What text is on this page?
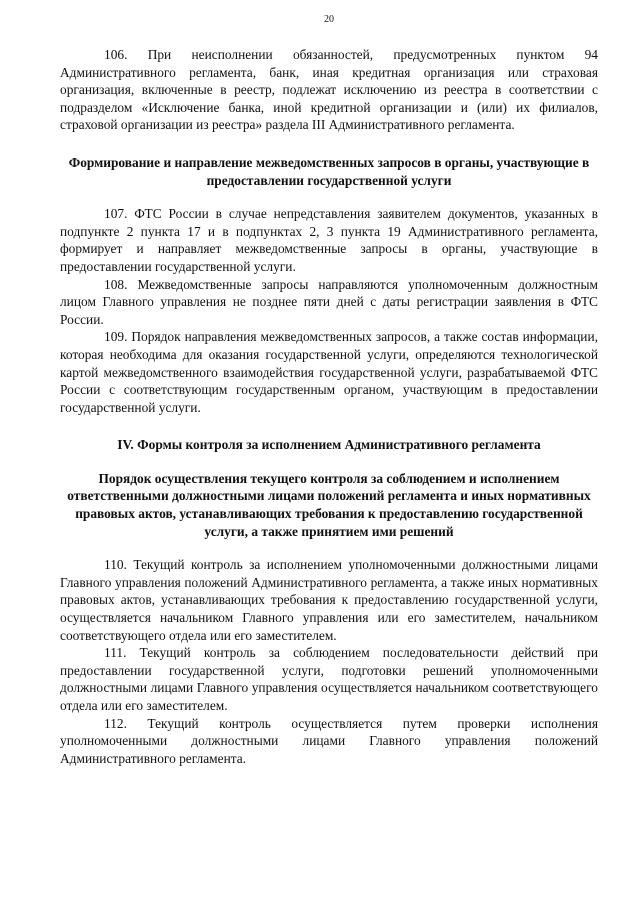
20

106. При неисполнении обязанностей, предусмотренных пунктом 94 Административного регламента, банк, иная кредитная организация или страховая организация, включенные в реестр, подлежат исключению из реестра в соответствии с подразделом «Исключение банка, иной кредитной организации и (или) их филиалов, страховой организации из реестра» раздела III Административного регламента.

Формирование и направление межведомственных запросов в органы, участвующие в предоставлении государственной услуги

107. ФТС России в случае непредставления заявителем документов, указанных в подпункте 2 пункта 17 и в подпунктах 2, 3 пункта 19 Административного регламента, формирует и направляет межведомственные запросы в органы, участвующие в предоставлении государственной услуги.

108. Межведомственные запросы направляются уполномоченным должностным лицом Главного управления не позднее пяти дней с даты регистрации заявления в ФТС России.

109. Порядок направления межведомственных запросов, а также состав информации, которая необходима для оказания государственной услуги, определяются технологической картой межведомственного взаимодействия государственной услуги, разрабатываемой ФТС России с соответствующим государственным органом, участвующим в предоставлении государственной услуги.

IV. Формы контроля за исполнением Административного регламента

Порядок осуществления текущего контроля за соблюдением и исполнением ответственными должностными лицами положений регламента и иных нормативных правовых актов, устанавливающих требования к предоставлению государственной услуги, а также принятием ими решений

110. Текущий контроль за исполнением уполномоченными должностными лицами Главного управления положений Административного регламента, а также иных нормативных правовых актов, устанавливающих требования к предоставлению государственной услуги, осуществляется начальником Главного управления или его заместителем, начальником соответствующего отдела или его заместителем.

111. Текущий контроль за соблюдением последовательности действий при предоставлении государственной услуги, подготовки решений уполномоченными должностными лицами Главного управления осуществляется начальником соответствующего отдела или его заместителем.

112. Текущий контроль осуществляется путем проверки исполнения уполномоченными должностными лицами Главного управления положений Административного регламента.
